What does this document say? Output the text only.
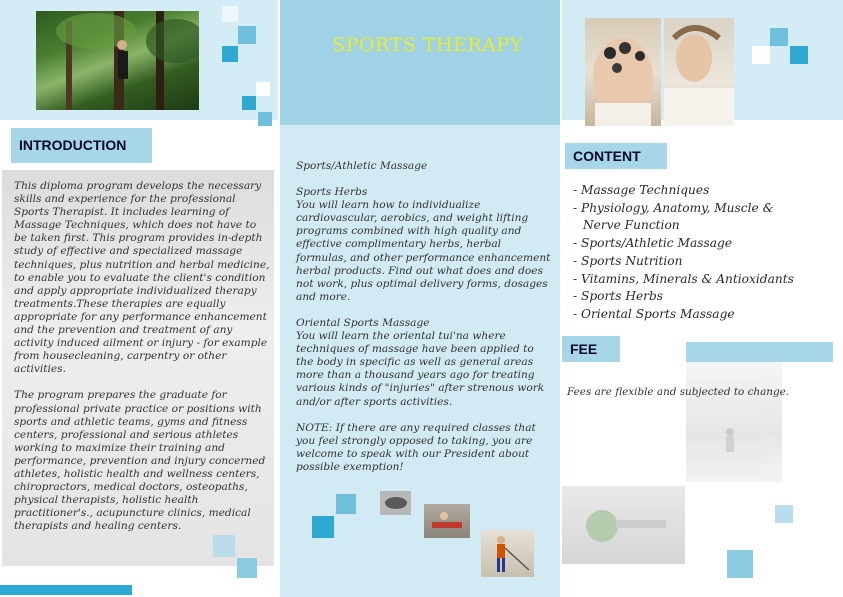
SPORTS THERAPY
INTRODUCTION

This diploma program develops the necessary skills and experience for the professional Sports Therapist. It includes learning of Massage Techniques, which does not have to be taken first. This program provides in-depth study of effective and specialized massage techniques, plus nutrition and herbal medicine, to enable you to evaluate the client's condition and apply appropriate individualized therapy treatments.These therapies are equally appropriate for any performance enhancement and the prevention and treatment of any activity induced ailment or injury - for example from housecleaning, carpentry or other activities.

The program prepares the graduate for professional private practice or positions with sports and athletic teams, gyms and fitness centers, professional and serious athletes working to maximize their training and performance, prevention and injury concerned athletes, holistic health and wellness centers, chiropractors, medical doctors, osteopaths, physical therapists, holistic health practitioner's., acupuncture clinics, medical therapists and healing centers.

Sports/Athletic Massage

Sports Herbs

You will learn how to individualize cardiovascular, aerobics, and weight lifting programs combined with high quality and effective complimentary herbs, herbal formulas, and other performance enhancement herbal products. Find out what does and does not work, plus optimal delivery forms, dosages and more.

Oriental Sports Massage

You will learn the oriental tui'na where techniques of massage have been applied to the body in specific as well as general areas more than a thousand years ago for treating various kinds of "injuries" after strenous work and/or after sports activities.

NOTE: If there are any required classes that you feel strongly opposed to taking, you are welcome to speak with our President about possible exemption!

CONTENT
- Massage Techniques
- Physiology, Anatomy, Muscle &
Nerve Function
- Sports/Athletic Massage
- Sports Nutrition
- Vitamins, Minerals & Antioxidants
- Sports Herbs
- Oriental Sports Massage
FEE
Fees are flexible and subjected to change.
